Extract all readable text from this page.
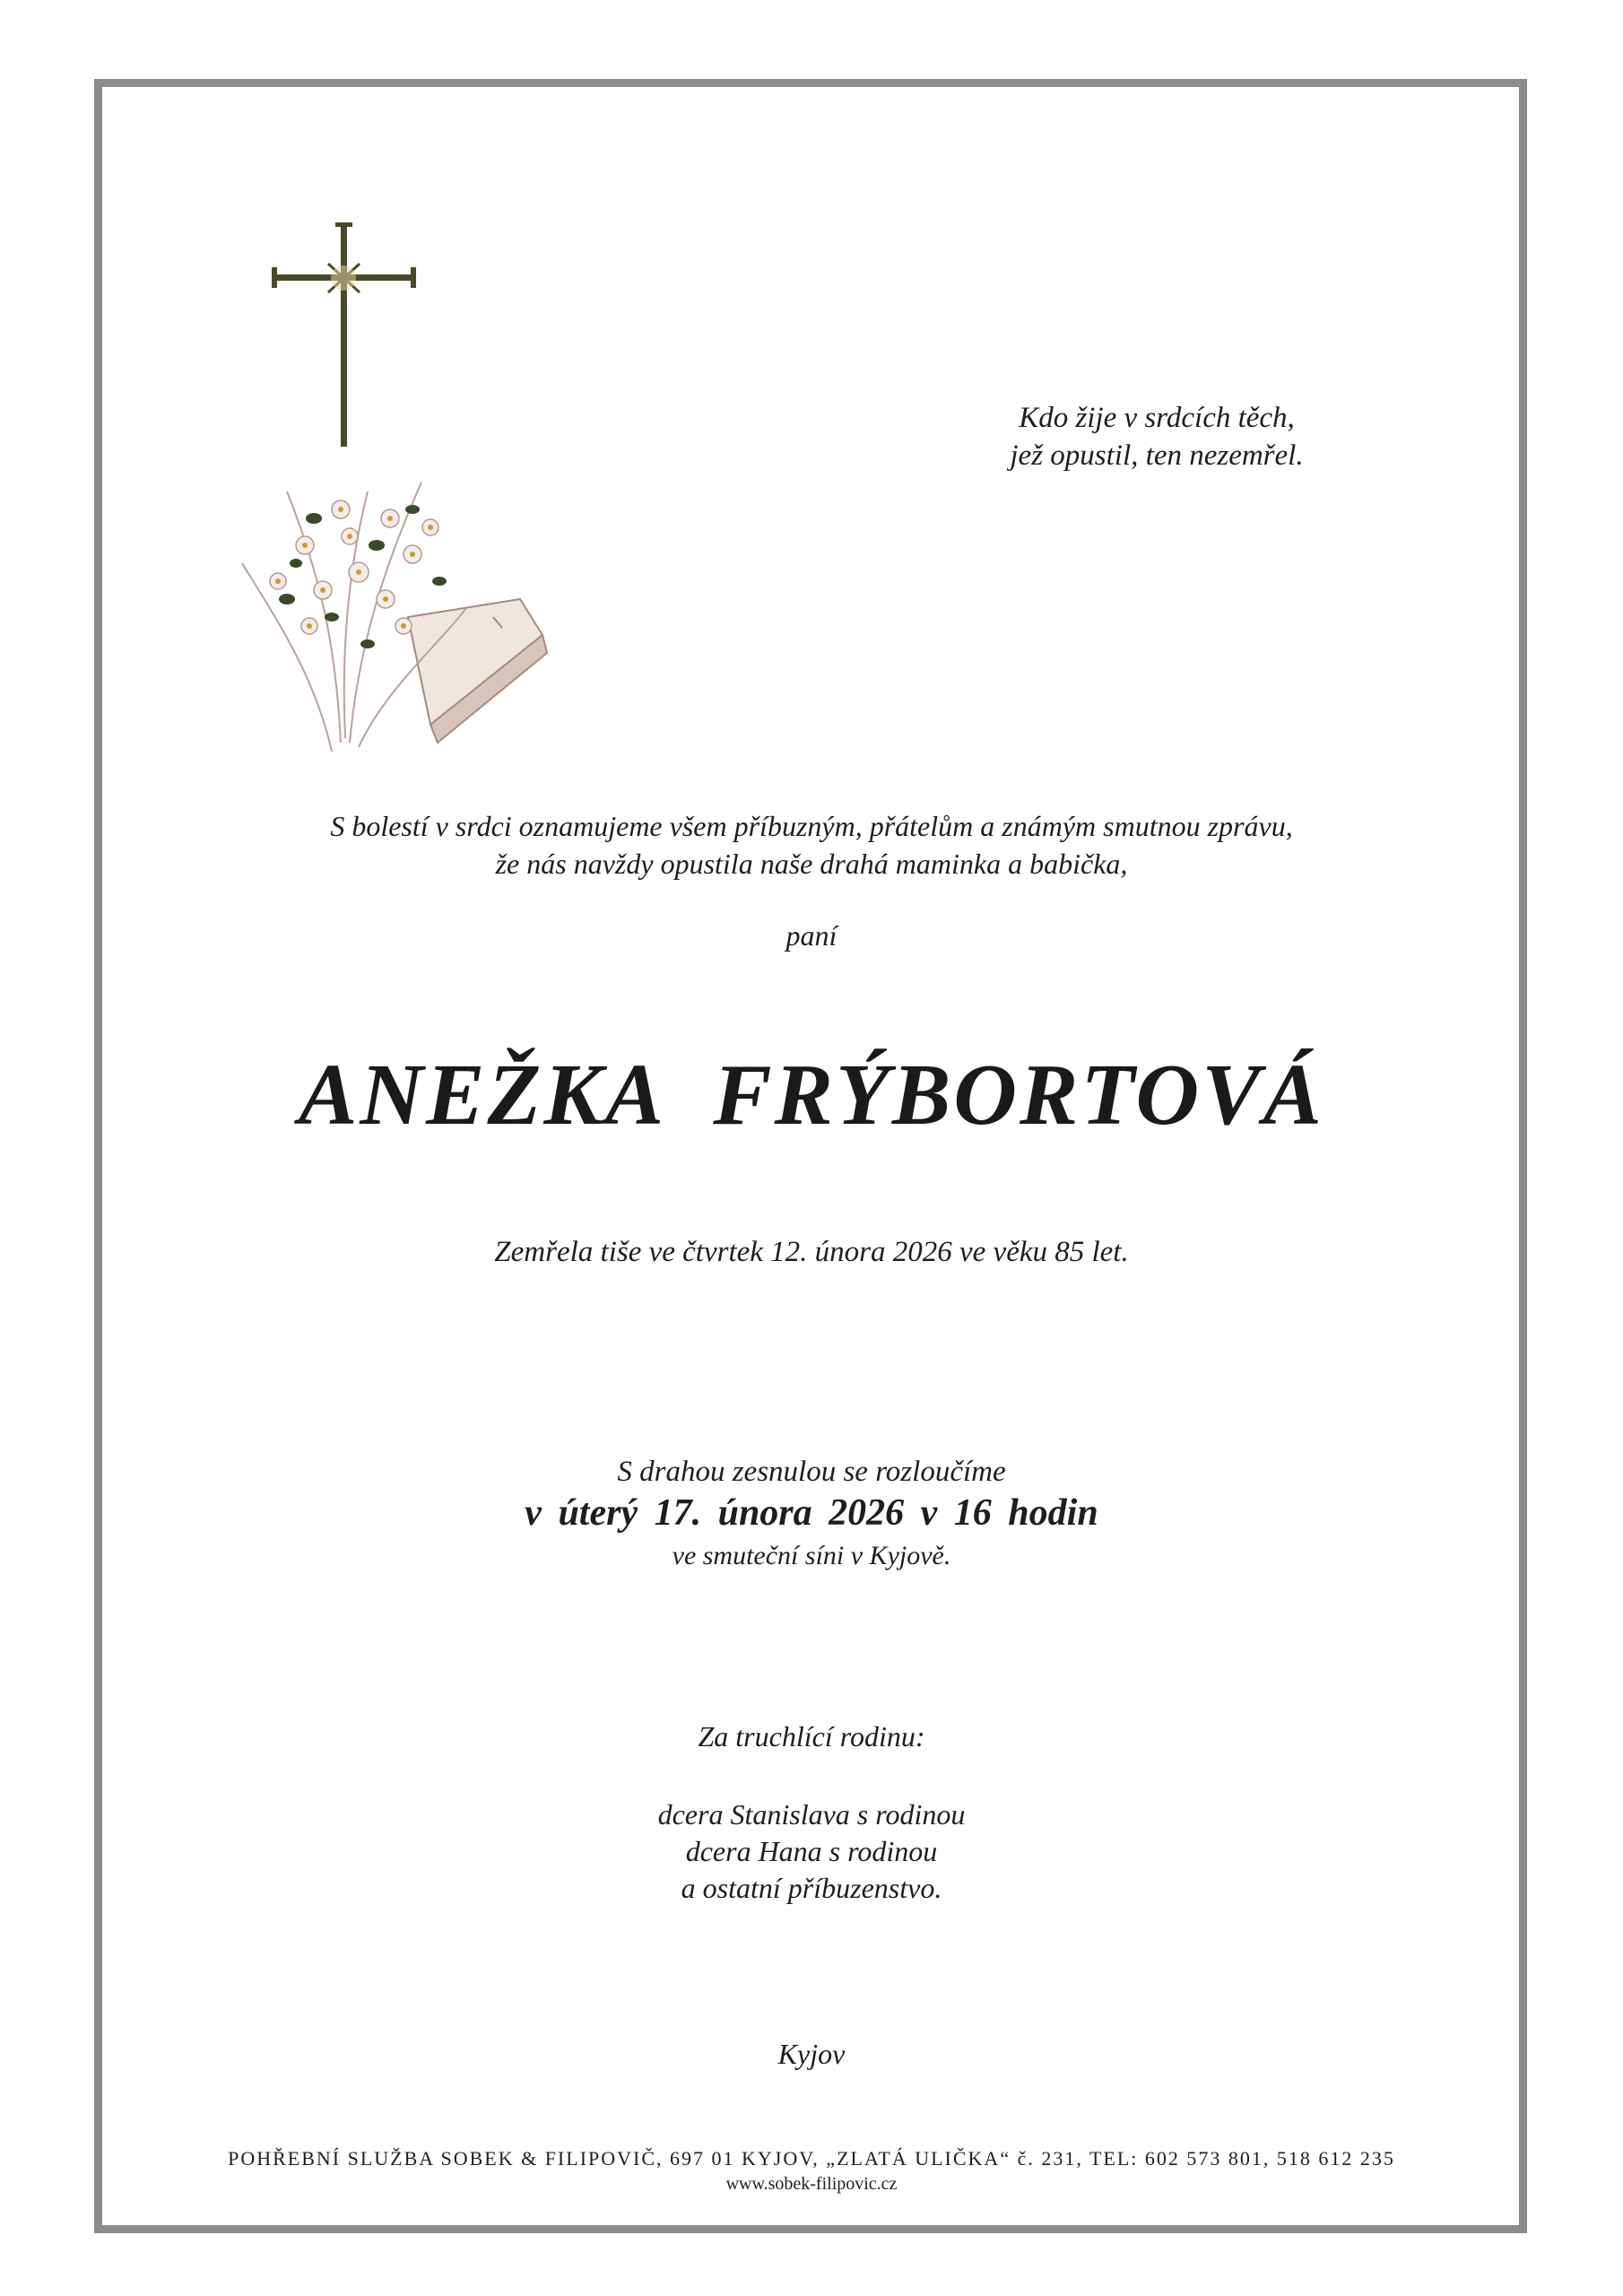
Kdo žije v srdcích těch,
jež opustil, ten nezemřel.
S bolestí v srdci oznamujeme všem příbuzným, přátelům a známým smutnou zprávu,
že nás navždy opustila naše drahá maminka a babička,
paní
ANEŽKA FRÝBORTOVÁ
Zemřela tiše ve čtvrtek 12. února 2026 ve věku 85 let.
S drahou zesnulou se rozloučíme
v úterý 17. února 2026 v 16 hodin
ve smuteční síni v Kyjově.
Za truchlící rodinu:
dcera Stanislava s rodinou
dcera Hana s rodinou
a ostatní příbuzenstvo.
Kyjov
POHŘEBNÍ SLUŽBA SOBEK & FILIPOVIČ, 697 01 KYJOV, „ZLATÁ ULIČKA“ č. 231, TEL: 602 573 801, 518 612 235
www.sobek-filipovic.cz
